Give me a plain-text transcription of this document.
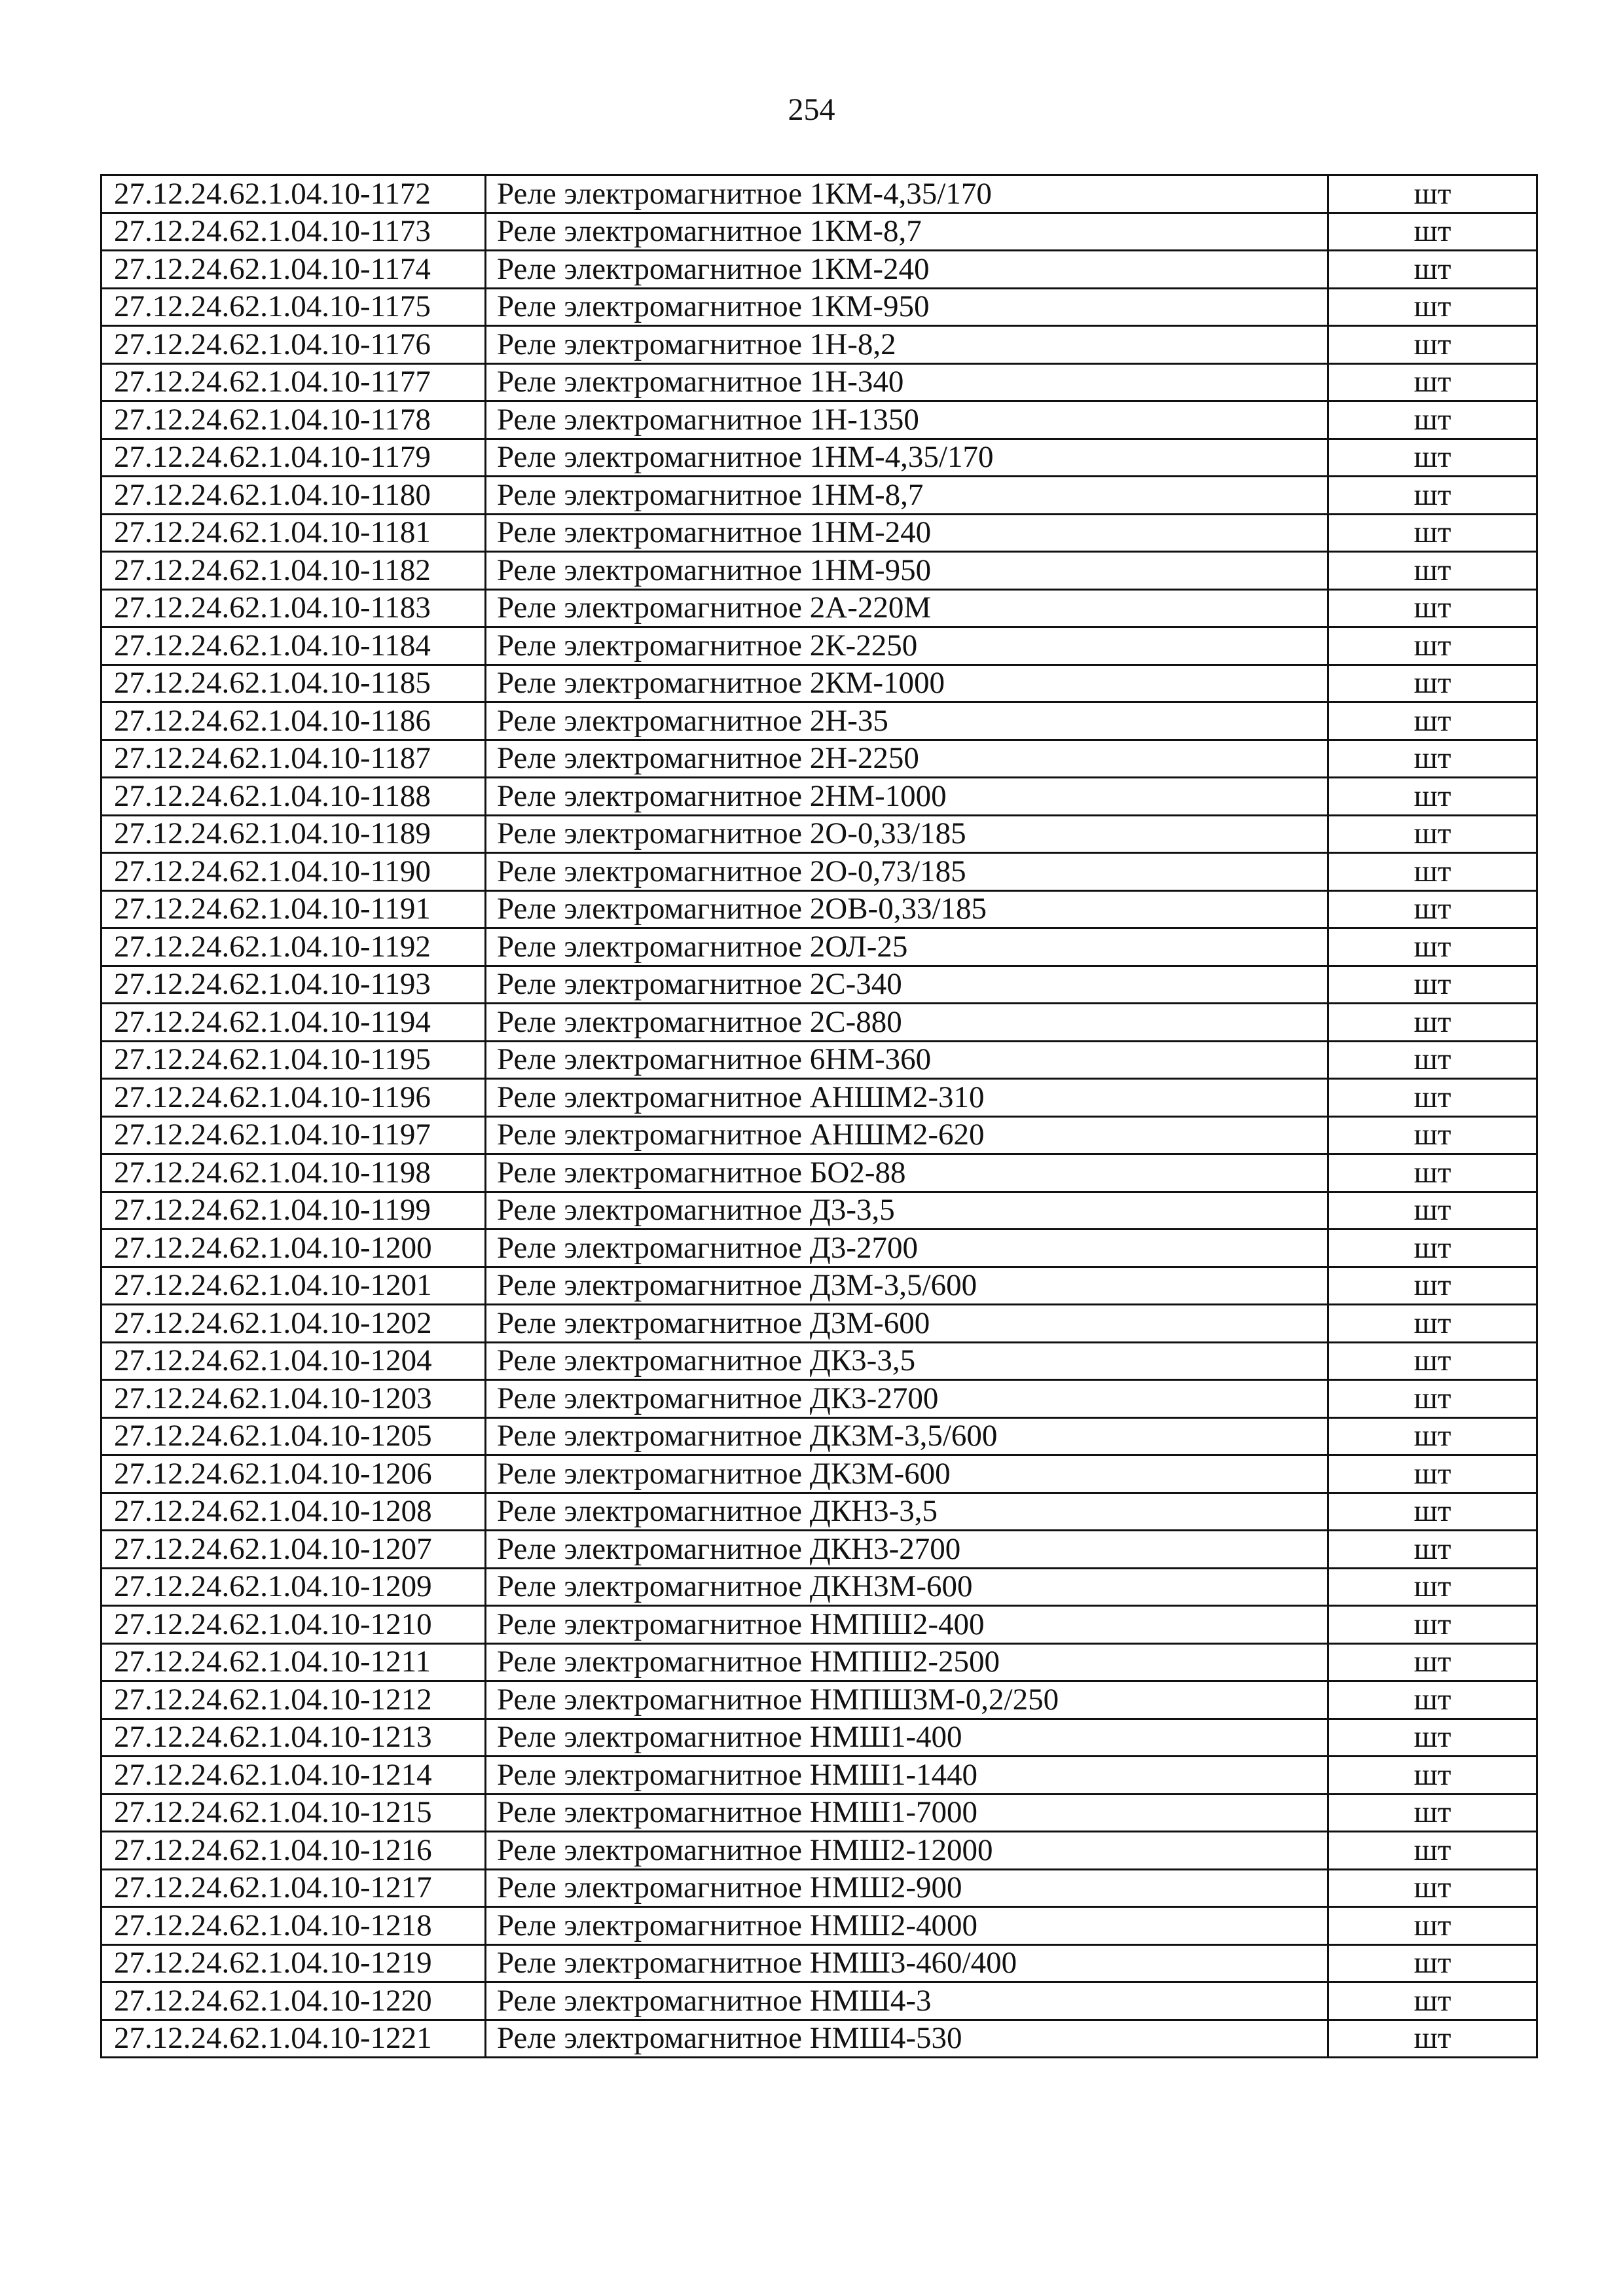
254
27.12.24.62.1.04.10-1172	Реле электромагнитное 1КМ-4,35/170	шт
27.12.24.62.1.04.10-1173	Реле электромагнитное 1КМ-8,7	шт
27.12.24.62.1.04.10-1174	Реле электромагнитное 1КМ-240	шт
27.12.24.62.1.04.10-1175	Реле электромагнитное 1КМ-950	шт
27.12.24.62.1.04.10-1176	Реле электромагнитное 1Н-8,2	шт
27.12.24.62.1.04.10-1177	Реле электромагнитное 1Н-340	шт
27.12.24.62.1.04.10-1178	Реле электромагнитное 1Н-1350	шт
27.12.24.62.1.04.10-1179	Реле электромагнитное 1НМ-4,35/170	шт
27.12.24.62.1.04.10-1180	Реле электромагнитное 1НМ-8,7	шт
27.12.24.62.1.04.10-1181	Реле электромагнитное 1НМ-240	шт
27.12.24.62.1.04.10-1182	Реле электромагнитное 1НМ-950	шт
27.12.24.62.1.04.10-1183	Реле электромагнитное 2А-220М	шт
27.12.24.62.1.04.10-1184	Реле электромагнитное 2К-2250	шт
27.12.24.62.1.04.10-1185	Реле электромагнитное 2КМ-1000	шт
27.12.24.62.1.04.10-1186	Реле электромагнитное 2Н-35	шт
27.12.24.62.1.04.10-1187	Реле электромагнитное 2Н-2250	шт
27.12.24.62.1.04.10-1188	Реле электромагнитное 2НМ-1000	шт
27.12.24.62.1.04.10-1189	Реле электромагнитное 2О-0,33/185	шт
27.12.24.62.1.04.10-1190	Реле электромагнитное 2О-0,73/185	шт
27.12.24.62.1.04.10-1191	Реле электромагнитное 2ОВ-0,33/185	шт
27.12.24.62.1.04.10-1192	Реле электромагнитное 2ОЛ-25	шт
27.12.24.62.1.04.10-1193	Реле электромагнитное 2С-340	шт
27.12.24.62.1.04.10-1194	Реле электромагнитное 2С-880	шт
27.12.24.62.1.04.10-1195	Реле электромагнитное 6НМ-360	шт
27.12.24.62.1.04.10-1196	Реле электромагнитное АНШМ2-310	шт
27.12.24.62.1.04.10-1197	Реле электромагнитное АНШМ2-620	шт
27.12.24.62.1.04.10-1198	Реле электромагнитное БО2-88	шт
27.12.24.62.1.04.10-1199	Реле электромагнитное Д3-3,5	шт
27.12.24.62.1.04.10-1200	Реле электромагнитное Д3-2700	шт
27.12.24.62.1.04.10-1201	Реле электромагнитное Д3М-3,5/600	шт
27.12.24.62.1.04.10-1202	Реле электромагнитное Д3М-600	шт
27.12.24.62.1.04.10-1204	Реле электромагнитное ДК3-3,5	шт
27.12.24.62.1.04.10-1203	Реле электромагнитное ДК3-2700	шт
27.12.24.62.1.04.10-1205	Реле электромагнитное ДК3М-3,5/600	шт
27.12.24.62.1.04.10-1206	Реле электромагнитное ДК3М-600	шт
27.12.24.62.1.04.10-1208	Реле электромагнитное ДКН3-3,5	шт
27.12.24.62.1.04.10-1207	Реле электромагнитное ДКН3-2700	шт
27.12.24.62.1.04.10-1209	Реле электромагнитное ДКН3М-600	шт
27.12.24.62.1.04.10-1210	Реле электромагнитное НМПШ2-400	шт
27.12.24.62.1.04.10-1211	Реле электромагнитное НМПШ2-2500	шт
27.12.24.62.1.04.10-1212	Реле электромагнитное НМПШ3М-0,2/250	шт
27.12.24.62.1.04.10-1213	Реле электромагнитное НМШ1-400	шт
27.12.24.62.1.04.10-1214	Реле электромагнитное НМШ1-1440	шт
27.12.24.62.1.04.10-1215	Реле электромагнитное НМШ1-7000	шт
27.12.24.62.1.04.10-1216	Реле электромагнитное НМШ2-12000	шт
27.12.24.62.1.04.10-1217	Реле электромагнитное НМШ2-900	шт
27.12.24.62.1.04.10-1218	Реле электромагнитное НМШ2-4000	шт
27.12.24.62.1.04.10-1219	Реле электромагнитное НМШ3-460/400	шт
27.12.24.62.1.04.10-1220	Реле электромагнитное НМШ4-3	шт
27.12.24.62.1.04.10-1221	Реле электромагнитное НМШ4-530	шт
